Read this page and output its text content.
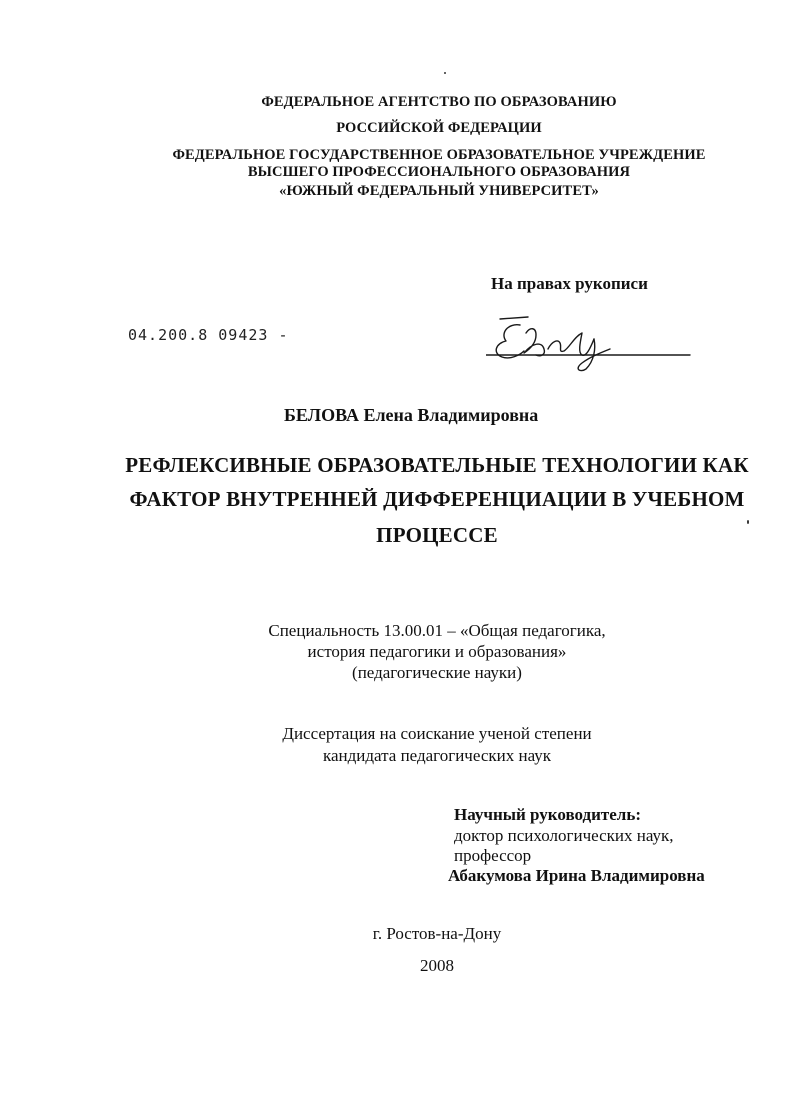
ФЕДЕРАЛЬНОЕ АГЕНТСТВО ПО ОБРАЗОВАНИЮ
РОССИЙСКОЙ ФЕДЕРАЦИИ
ФЕДЕРАЛЬНОЕ ГОСУДАРСТВЕННОЕ ОБРАЗОВАТЕЛЬНОЕ УЧРЕЖДЕНИЕ
ВЫСШЕГО ПРОФЕССИОНАЛЬНОГО ОБРАЗОВАНИЯ
«ЮЖНЫЙ ФЕДЕРАЛЬНЫЙ УНИВЕРСИТЕТ»
На правах рукописи
04.200.8 09423 -
БЕЛОВА Елена Владимировна
РЕФЛЕКСИВНЫЕ ОБРАЗОВАТЕЛЬНЫЕ ТЕХНОЛОГИИ КАК
ФАКТОР ВНУТРЕННЕЙ ДИФФЕРЕНЦИАЦИИ В УЧЕБНОМ
ПРОЦЕССЕ
Специальность 13.00.01 – «Общая педагогика,
история педагогики и образования»
(педагогические науки)
Диссертация на соискание ученой степени
кандидата педагогических наук
Научный руководитель:
доктор психологических наук,
профессор
Абакумова Ирина Владимировна
г. Ростов-на-Дону
2008
